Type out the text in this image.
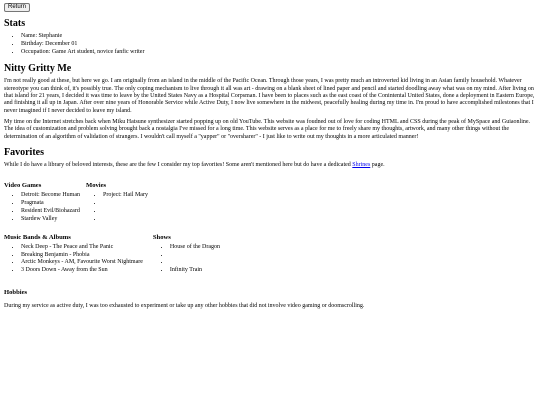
Return
Stats
• Name: Stephanie
• Birthday: December 01
• Occupation: Game Art student, novice fanfic writer
Nitty Gritty Me

I'm not really good at these, but here we go. I am originally from an island in the middle of the Pacific Ocean. Through those years, I was pretty much an introverted kid living in an Asian family household. Whatever stereotype you can think of, it's possibly true. The only coping mechanism to live through it all was art - drawing on a blank sheet of lined paper and pencil and started doodling away what was on my mind. After living on that island for 21 years, I decided it was time to leave by the United States Navy as a Hospital Corpsman. I have been to places such as the east coast of the Conintental United States, done a deployment in Eastern Europe, and finishing it all up in Japan. After over nine years of Honorable Service while Active Duty, I now live somewhere in the midwest, peacefully healing during my time in. I'm proud to have accomplished milestones that I never imagined if I never decided to leave my island.

My time on the Internet stretches back when Miku Hatsune synthesizer started popping up on old YouTube. This website was foudned out of love for coding HTML and CSS during the peak of MySpace and Guiaonline. The idea of customization and problem solving brought back a nostalgia I've missed for a long time. This website serves as a place for me to freely share my thoughts, artwork, and many other things without the determination of an algorithm of validation of strangers. I wouldn't call myself a "yapper" or "oversharer" - I just like to write out my thoughts in a more articulated manner!

Favorites

While I do have a library of beloved interests, these are the few I consider my top favorites! Some aren't mentioned here but do have a dedicated Shrines page.

Video Games
• Detroit: Become Human
• Pragmata
• Resident Evil/Biohazard
• Stardew Valley

Movies
• Project: Hail Mary
•
•
•
Music Bands & Albums
• Neck Deep - The Peace and The Panic
• Breaking Benjamin - Phobia
• Arctic Monkeys - AM, Favourite Worst Nightmare
• 3 Doors Down - Away from the Sun

Shows
• House of the Dragon
•
•
• Infinity Train
Hobbies

During my service as active duty, I was too exhausted to experiment or take up any other hobbies that did not involve video gaming or doomscrolling.
